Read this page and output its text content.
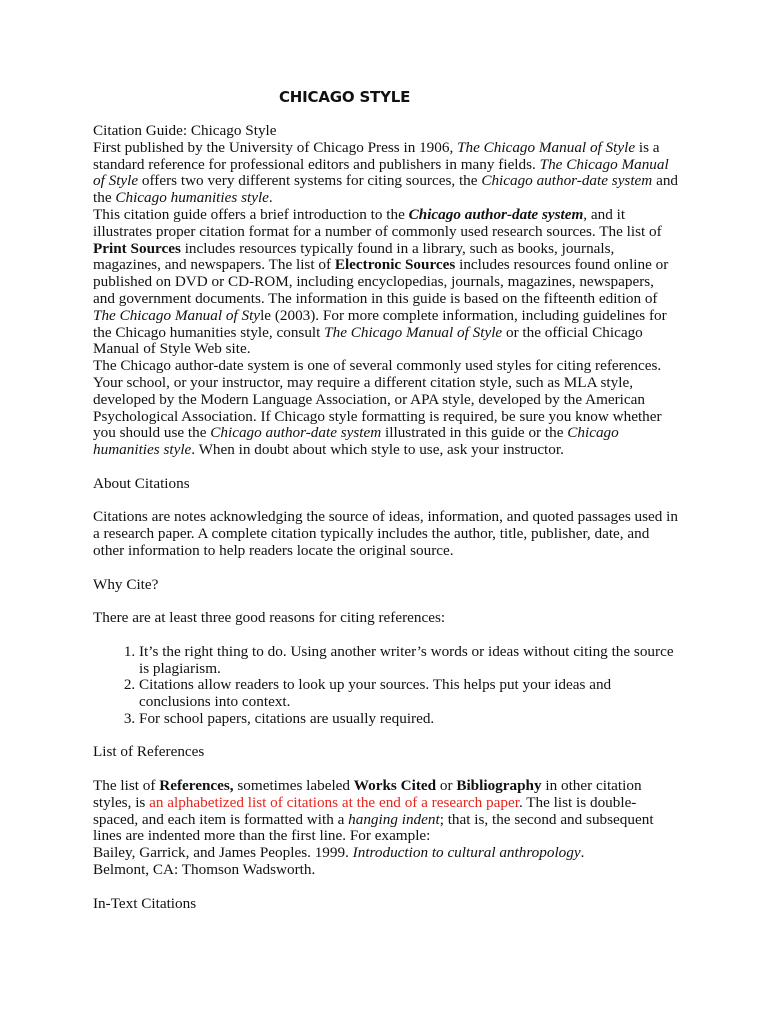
CHICAGO STYLE

Citation Guide: Chicago Style
First published by the University of Chicago Press in 1906, The Chicago Manual of Style is a standard reference for professional editors and publishers in many fields. The Chicago Manual of Style offers two very different systems for citing sources, the Chicago author-date system and the Chicago humanities style.

This citation guide offers a brief introduction to the Chicago author-date system, and it illustrates proper citation format for a number of commonly used research sources. The list of Print Sources includes resources typically found in a library, such as books, journals, magazines, and newspapers. The list of Electronic Sources includes resources found online or published on DVD or CD-ROM, including encyclopedias, journals, magazines, newspapers, and government documents. The information in this guide is based on the fifteenth edition of The Chicago Manual of Style (2003). For more complete information, including guidelines for the Chicago humanities style, consult The Chicago Manual of Style or the official Chicago Manual of Style Web site.

The Chicago author-date system is one of several commonly used styles for citing references. Your school, or your instructor, may require a different citation style, such as MLA style, developed by the Modern Language Association, or APA style, developed by the American Psychological Association. If Chicago style formatting is required, be sure you know whether you should use the Chicago author-date system illustrated in this guide or the Chicago humanities style. When in doubt about which style to use, ask your instructor.

About Citations

Citations are notes acknowledging the source of ideas, information, and quoted passages used in a research paper. A complete citation typically includes the author, title, publisher, date, and other information to help readers locate the original source.

Why Cite?

There are at least three good reasons for citing references:

1. It’s the right thing to do. Using another writer’s words or ideas without citing the source is plagiarism.
2. Citations allow readers to look up your sources. This helps put your ideas and conclusions into context.
3. For school papers, citations are usually required.

List of References

The list of References, sometimes labeled Works Cited or Bibliography in other citation styles, is an alphabetized list of citations at the end of a research paper. The list is double-spaced, and each item is formatted with a hanging indent; that is, the second and subsequent lines are indented more than the first line. For example:

Bailey, Garrick, and James Peoples. 1999. Introduction to cultural anthropology.

Belmont, CA: Thomson Wadsworth.

In-Text Citations
